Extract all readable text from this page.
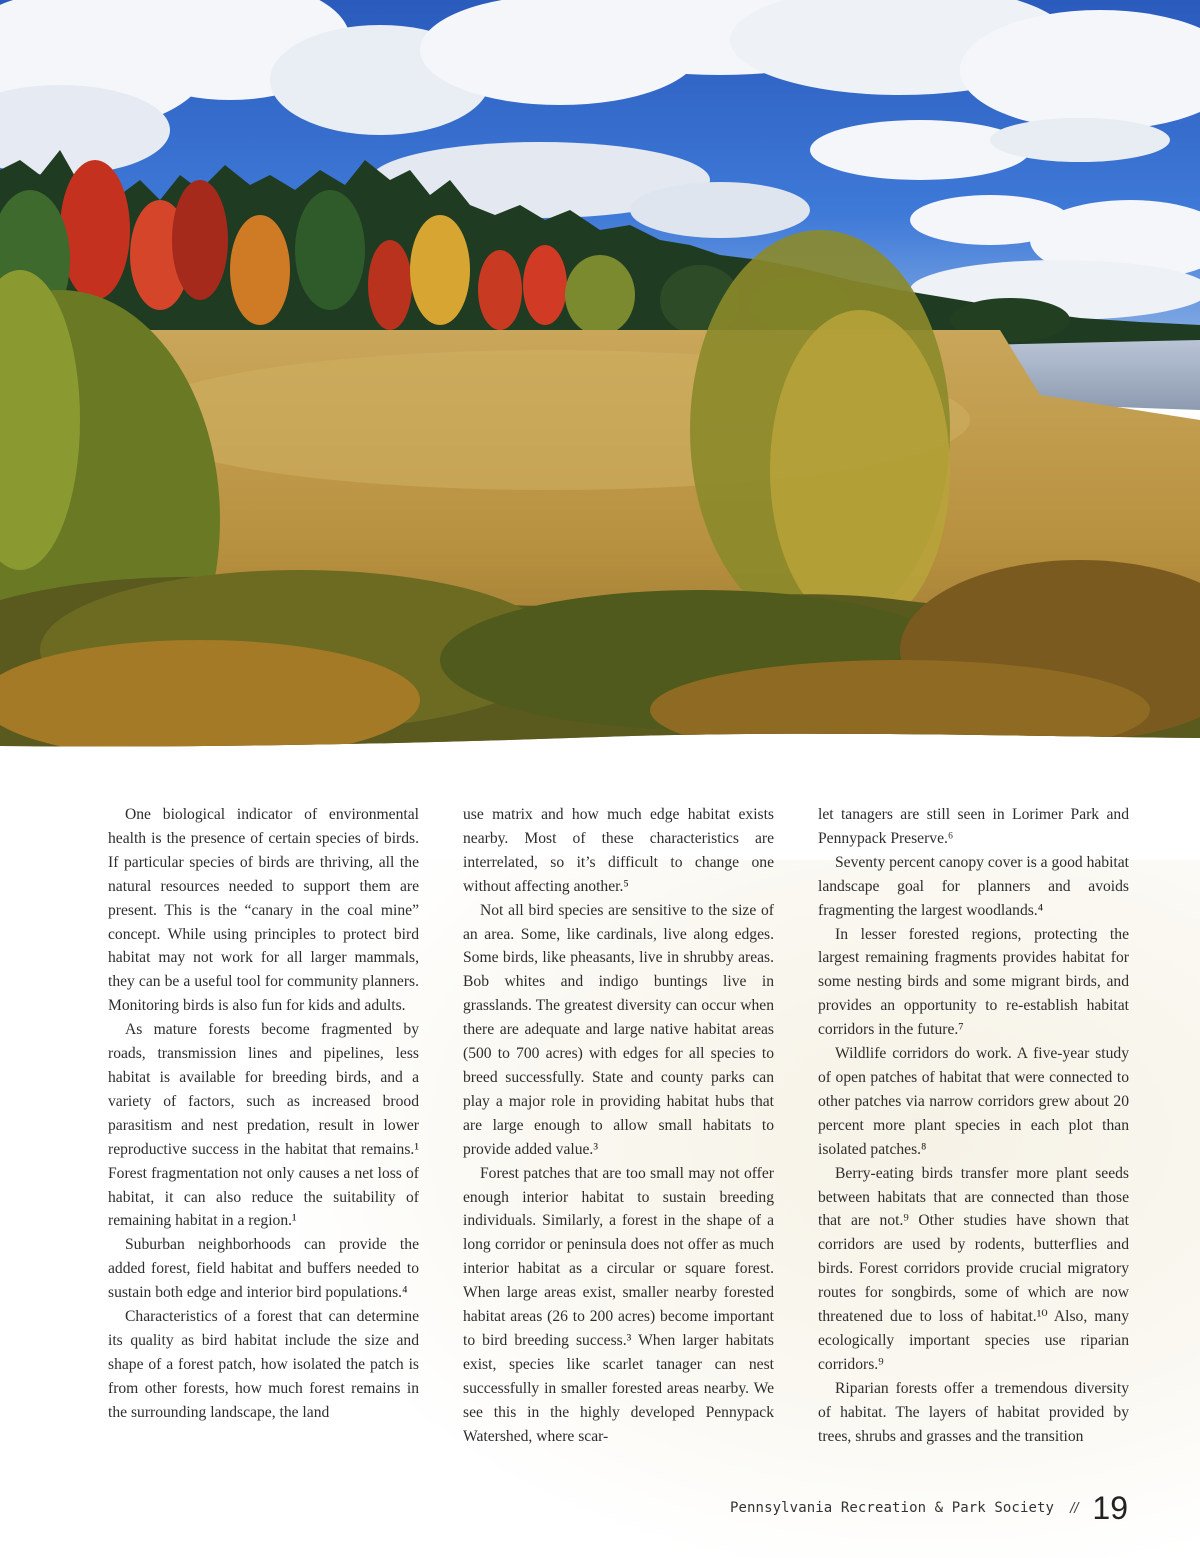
One biological indicator of environmental health is the presence of certain species of birds. If particular species of birds are thriving, all the natural resources needed to support them are present. This is the “canary in the coal mine” concept. While using principles to protect bird habitat may not work for all larger mammals, they can be a useful tool for community planners. Monitoring birds is also fun for kids and adults.

As mature forests become fragmented by roads, transmission lines and pipelines, less habitat is available for breeding birds, and a variety of factors, such as increased brood parasitism and nest predation, result in lower reproductive success in the habitat that remains.¹ Forest fragmentation not only causes a net loss of habitat, it can also reduce the suitability of remaining habitat in a region.¹

Suburban neighborhoods can provide the added forest, field habitat and buffers needed to sustain both edge and interior bird populations.⁴

Characteristics of a forest that can determine its quality as bird habitat include the size and shape of a forest patch, how isolated the patch is from other forests, how much forest remains in the surrounding landscape, the land

use matrix and how much edge habitat exists nearby. Most of these characteristics are interrelated, so it’s difficult to change one without affecting another.⁵

Not all bird species are sensitive to the size of an area. Some, like cardinals, live along edges. Some birds, like pheasants, live in shrubby areas. Bob whites and indigo buntings live in grasslands. The greatest diversity can occur when there are adequate and large native habitat areas (500 to 700 acres) with edges for all species to breed successfully. State and county parks can play a major role in providing habitat hubs that are large enough to allow small habitats to provide added value.³

Forest patches that are too small may not offer enough interior habitat to sustain breeding individuals. Similarly, a forest in the shape of a long corridor or peninsula does not offer as much interior habitat as a circular or square forest. When large areas exist, smaller nearby forested habitat areas (26 to 200 acres) become important to bird breeding success.³ When larger habitats exist, species like scarlet tanager can nest successfully in smaller forested areas nearby. We see this in the highly developed Pennypack Watershed, where scar-

let tanagers are still seen in Lorimer Park and Pennypack Preserve.⁶

Seventy percent canopy cover is a good habitat landscape goal for planners and avoids fragmenting the largest woodlands.⁴

In lesser forested regions, protecting the largest remaining fragments provides habitat for some nesting birds and some migrant birds, and provides an opportunity to re-establish habitat corridors in the future.⁷

Wildlife corridors do work. A five-year study of open patches of habitat that were connected to other patches via narrow corridors grew about 20 percent more plant species in each plot than isolated patches.⁸

Berry-eating birds transfer more plant seeds between habitats that are connected than those that are not.⁹ Other studies have shown that corridors are used by rodents, butterflies and birds. Forest corridors provide crucial migratory routes for songbirds, some of which are now threatened due to loss of habitat.¹⁰ Also, many ecologically important species use riparian corridors.⁹

Riparian forests offer a tremendous diversity of habitat. The layers of habitat provided by trees, shrubs and grasses and the transition

Pennsylvania Recreation & Park Society // 19
